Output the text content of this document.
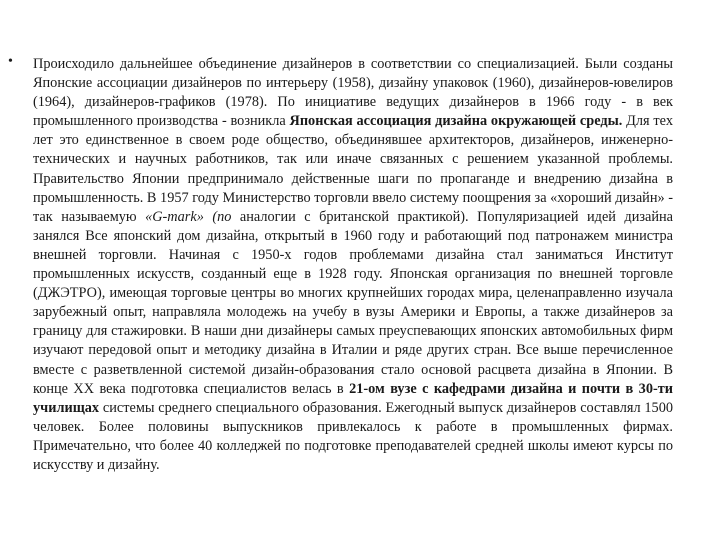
• Происходило дальнейшее объединение дизайнеров в соответствии со специализацией. Были созданы Японские ассоциации дизайнеров по интерьеру (1958), дизайну упаковок (1960), дизайнеров-ювелиров (1964), дизайнеров-графиков (1978). По инициативе ведущих дизайнеров в 1966 году - в век промышленного производства - возникла Японская ассоциация дизайна окружающей среды. Для тех лет это единственное в своем роде общество, объединявшее архитекторов, дизайнеров, инженерно-технических и научных работников, так или иначе связанных с решением указанной проблемы. Правительство Японии предпринимало действенные шаги по пропаганде и внедрению дизайна в промышленность. В 1957 году Министерство торговли ввело систему поощрения за «хороший дизайн» - так называемую «G-mark» (по аналогии с британской практикой). Популяризацией идей дизайна занялся Все японский дом дизайна, открытый в 1960 году и работающий под патронажем министра внешней торговли. Начиная с 1950-х годов проблемами дизайна стал заниматься Институт промышленных искусств, созданный еще в 1928 году. Японская организация по внешней торговле (ДЖЭТРО), имеющая торговые центры во многих крупнейших городах мира, целенаправленно изучала зарубежный опыт, направляла молодежь на учебу в вузы Америки и Европы, а также дизайнеров за границу для стажировки. В наши дни дизайнеры самых преуспевающих японских автомобильных фирм изучают передовой опыт и методику дизайна в Италии и ряде других стран. Все выше перечисленное вместе с разветвленной системой дизайн-образования стало основой расцвета дизайна в Японии. В конце XX века подготовка специалистов велась в 21-ом вузе с кафедрами дизайна и почти в 30-ти училищах системы среднего специального образования. Ежегодный выпуск дизайнеров составлял 1500 человек. Более половины выпускников привлекалось к работе в промышленных фирмах. Примечательно, что более 40 колледжей по подготовке преподавателей средней школы имеют курсы по искусству и дизайну.
